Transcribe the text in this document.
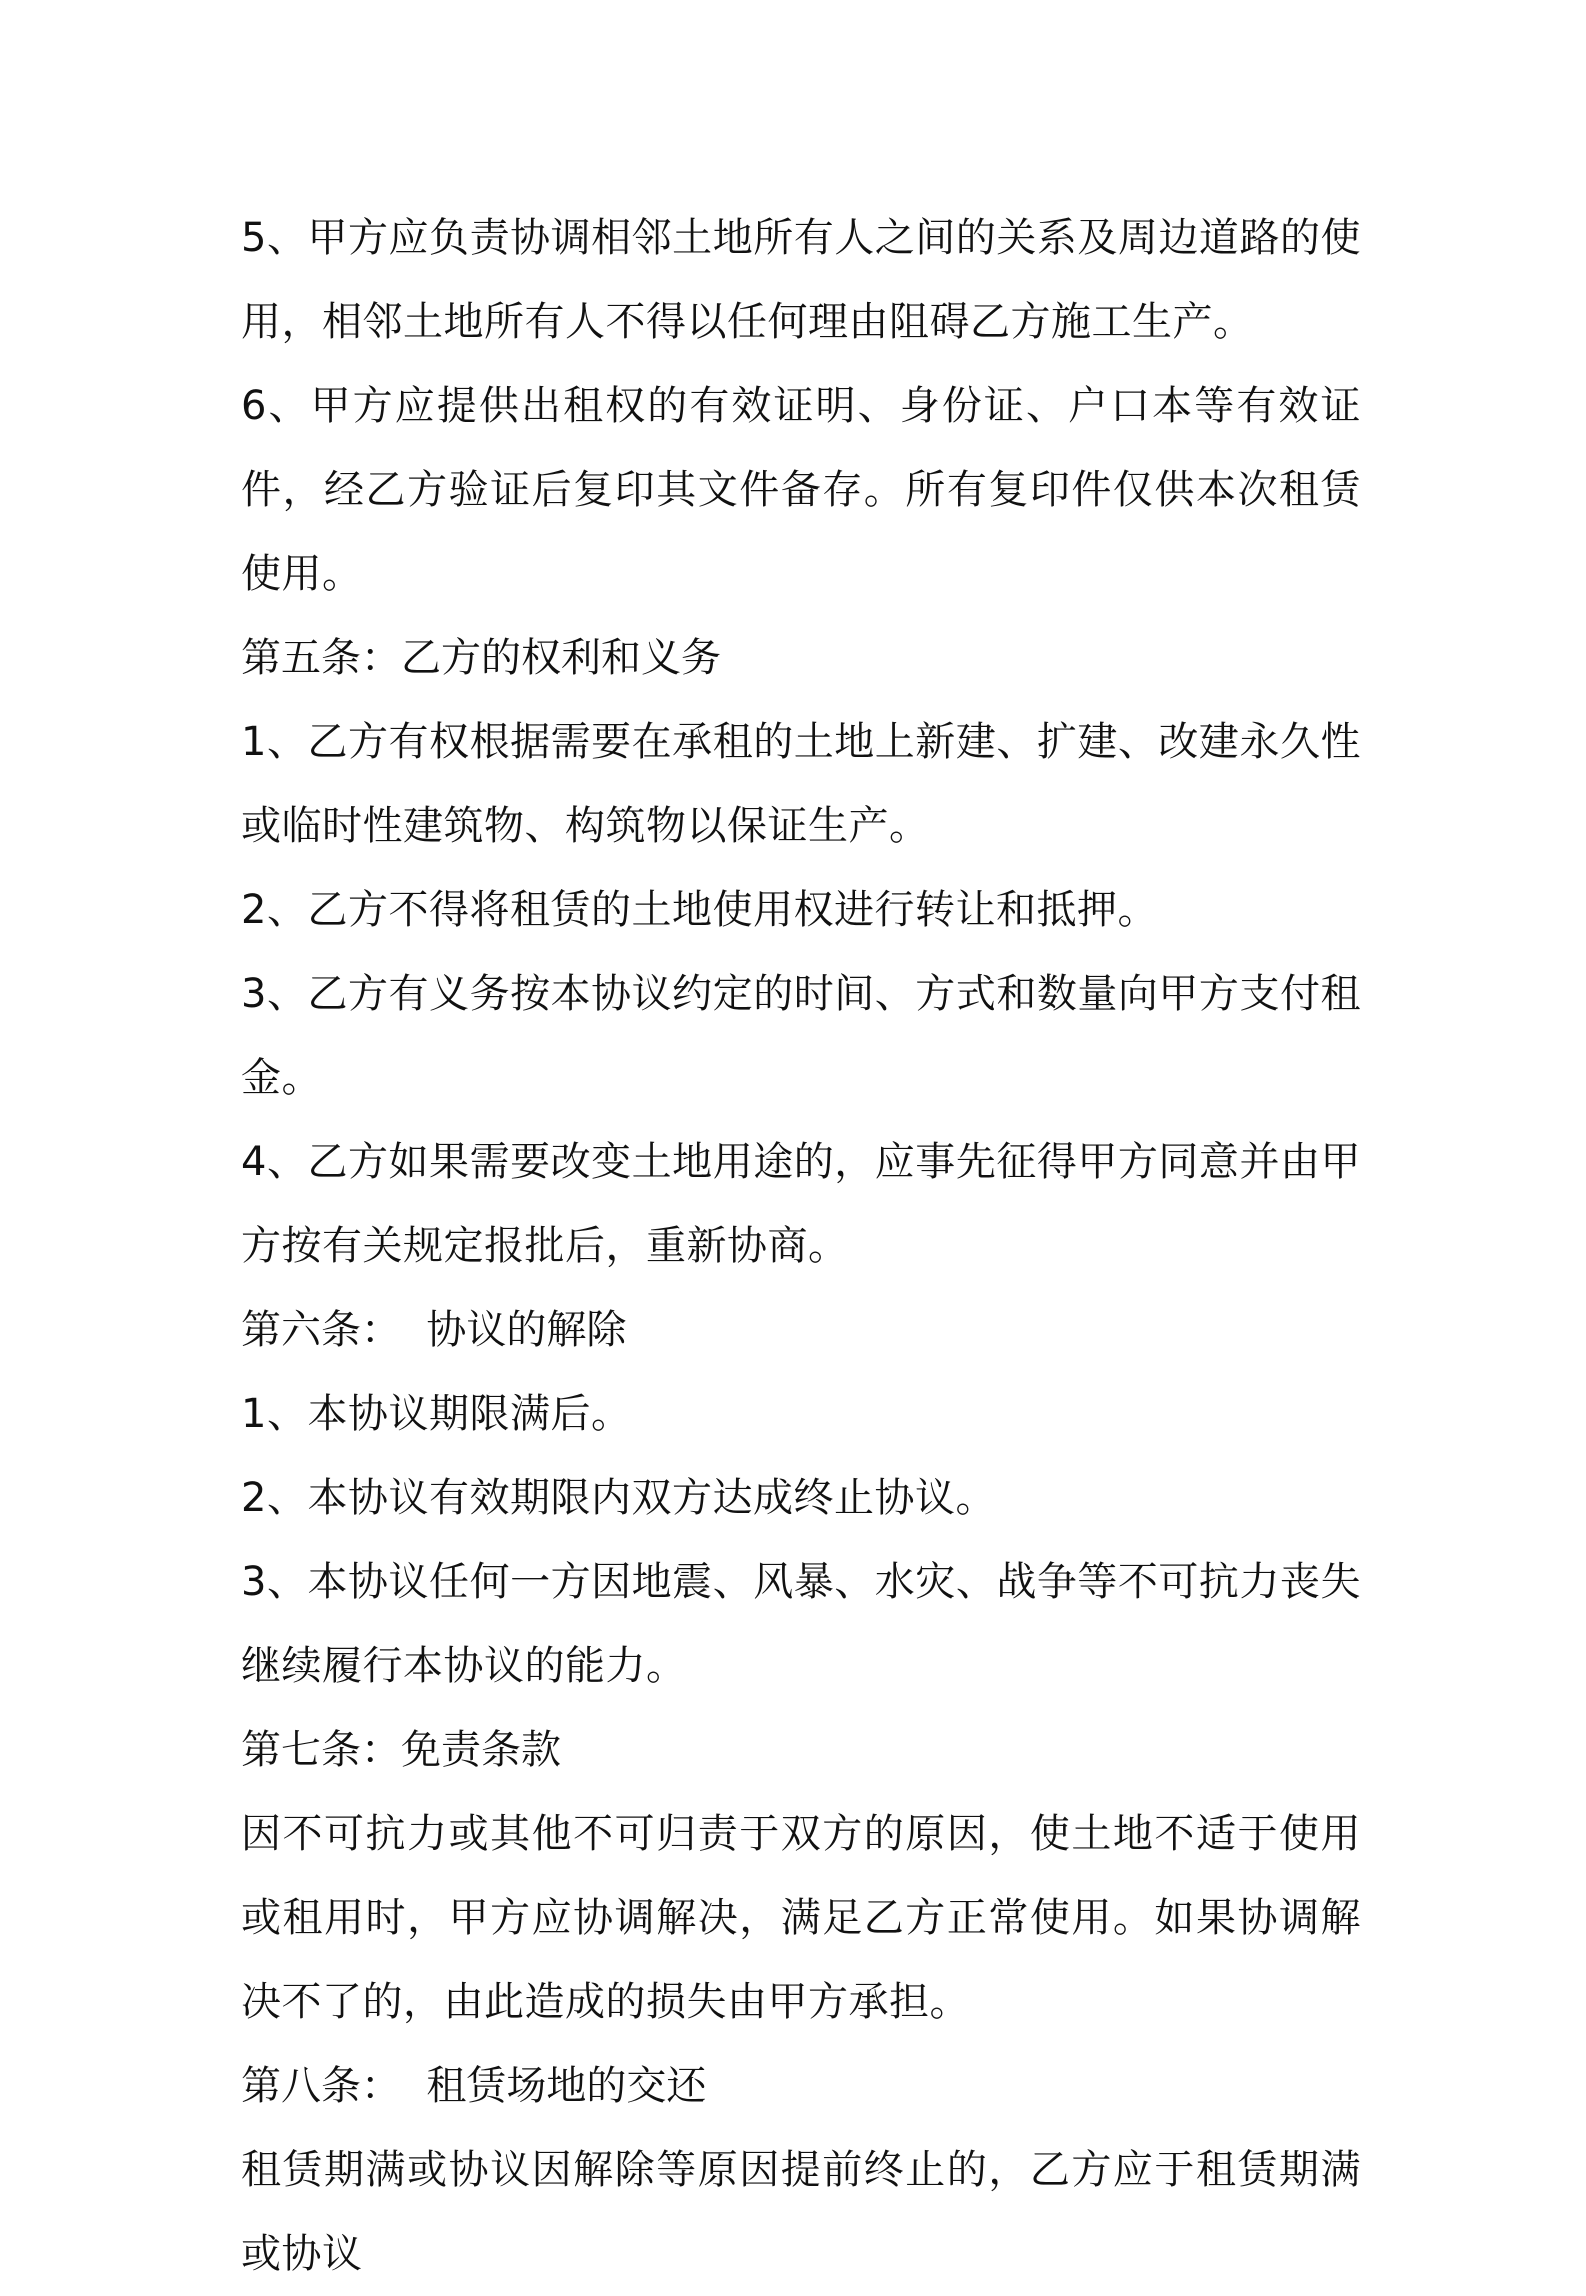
5、甲方应负责协调相邻土地所有人之间的关系及周边道路的使用，相邻土地所有人不得以任何理由阻碍乙方施工生产。

6、甲方应提供出租权的有效证明、身份证、户口本等有效证件，经乙方验证后复印其文件备存。所有复印件仅供本次租赁使用。

第五条：乙方的权利和义务

1、乙方有权根据需要在承租的土地上新建、扩建、改建永久性或临时性建筑物、构筑物以保证生产。

2、乙方不得将租赁的土地使用权进行转让和抵押。

3、乙方有义务按本协议约定的时间、方式和数量向甲方支付租金。

4、乙方如果需要改变土地用途的，应事先征得甲方同意并由甲方按有关规定报批后，重新协商。

第六条：  协议的解除

1、本协议期限满后。

2、本协议有效期限内双方达成终止协议。

3、本协议任何一方因地震、风暴、水灾、战争等不可抗力丧失继续履行本协议的能力。

第七条：免责条款

因不可抗力或其他不可归责于双方的原因，使土地不适于使用或租用时，甲方应协调解决，满足乙方正常使用。如果协调解决不了的，由此造成的损失由甲方承担。

第八条：  租赁场地的交还

租赁期满或协议因解除等原因提前终止的，乙方应于租赁期满或协议
